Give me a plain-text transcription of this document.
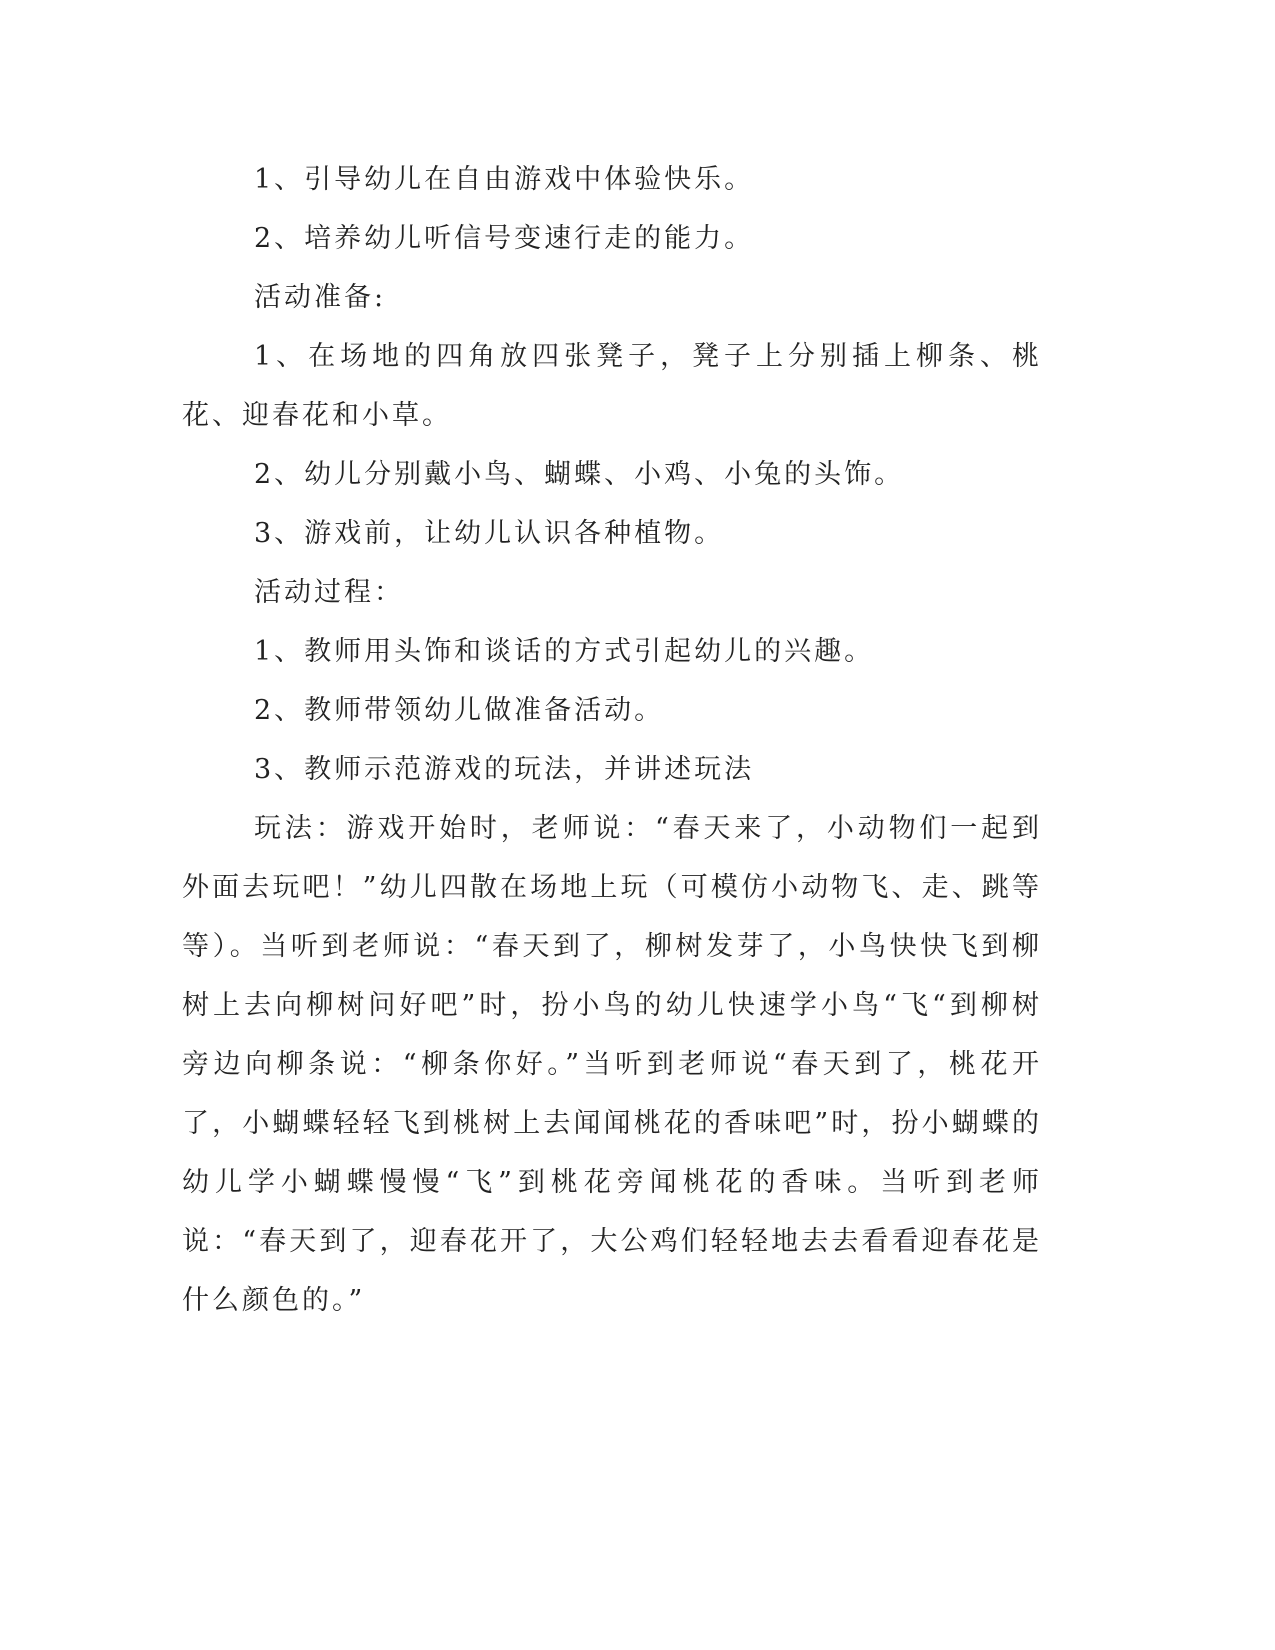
1、引导幼儿在自由游戏中体验快乐。

2、培养幼儿听信号变速行走的能力。

活动准备:

1、在场地的四角放四张凳子，凳子上分别插上柳条、桃花、迎春花和小草。

2、幼儿分别戴小鸟、蝴蝶、小鸡、小兔的头饰。

3、游戏前，让幼儿认识各种植物。

活动过程：

1、教师用头饰和谈话的方式引起幼儿的兴趣。

2、教师带领幼儿做准备活动。

3、教师示范游戏的玩法，并讲述玩法

玩法：游戏开始时，老师说：“春天来了，小动物们一起到外面去玩吧！”幼儿四散在场地上玩（可模仿小动物飞、走、跳等等）。当听到老师说：“春天到了，柳树发芽了，小鸟快快飞到柳树上去向柳树问好吧”时，扮小鸟的幼儿快速学小鸟“飞“到柳树旁边向柳条说：“柳条你好。”当听到老师说“春天到了，桃花开了，小蝴蝶轻轻飞到桃树上去闻闻桃花的香味吧”时，扮小蝴蝶的幼儿学小蝴蝶慢慢“飞”到桃花旁闻桃花的香味。当听到老师说：“春天到了，迎春花开了，大公鸡们轻轻地去去看看迎春花是什么颜色的。”
